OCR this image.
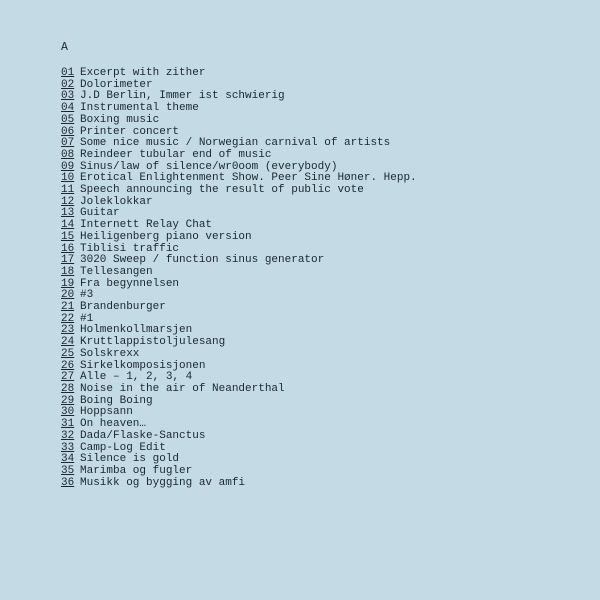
A
01 Excerpt with zither
02 Dolorimeter
03 J.D Berlin, Immer ist schwierig
04 Instrumental theme
05 Boxing music
06 Printer concert
07 Some nice music / Norwegian carnival of artists
08 Reindeer tubular end of music
09 Sinus/law of silence/wr0oom (everybody)
10 Erotical Enlightenment Show. Peer Sine Høner. Hepp.
11 Speech announcing the result of public vote
12 Joleklokkar
13 Guitar
14 Internett Relay Chat
15 Heiligenberg piano version
16 Tiblisi traffic
17 3020 Sweep / function sinus generator
18 Tellesangen
19 Fra begynnelsen
20 #3
21 Brandenburger
22 #1
23 Holmenkollmarsjen
24 Kruttlappistoljulesang
25 Solskrexx
26 Sirkelkomposisjonen
27 Alle – 1, 2, 3, 4
28 Noise in the air of Neanderthal
29 Boing Boing
30 Hoppsann
31 On heaven…
32 Dada/Flaske-Sanctus
33 Camp-Log Edit
34 Silence is gold
35 Marimba og fugler
36 Musikk og bygging av amfi
